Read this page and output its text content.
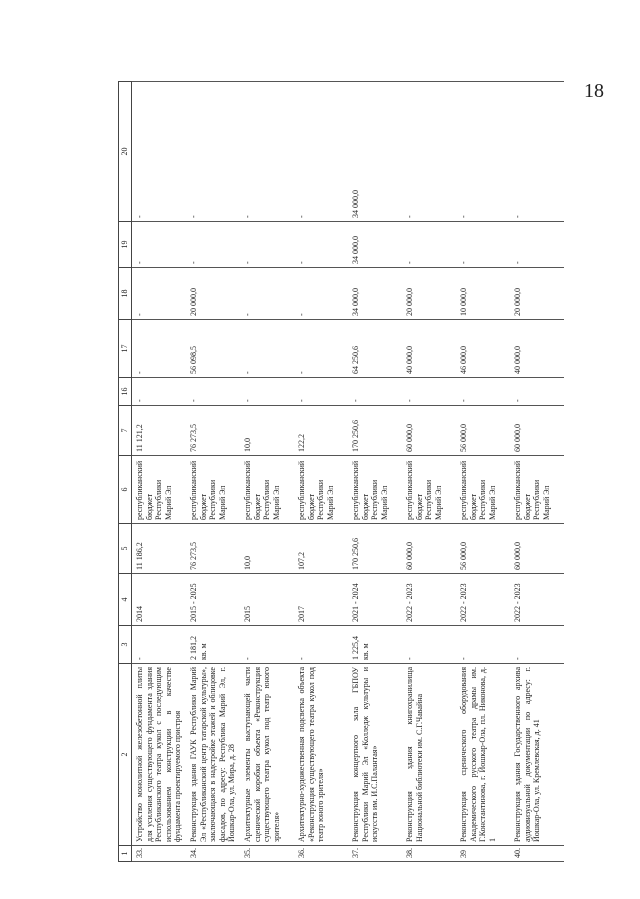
18
1	2	3	4	5	6	7	16	17	18	19	20
33.	Устройство монолитной железобетонной плиты для усиления существующего фундамента здания Республиканского театра кукол с последующим использованием конструкции в качестве фундамента проектируемого пристроя	-	2014	11 186,2	республиканский бюджет Республики Марий Эл	11 121,2	-	-	-	-	-
34.	Реконструкция здания ГАУК Республики Марий Эл «Республиканский центр татарской культуры», заключающаяся в надстройке этажей и облицовке фасадов, по адресу: Республика Марий Эл, г. Йошкар-Ола, ул. Мира, д. 28	2 181,2 кв. м	2015 - 2025	76 273,5	республиканский бюджет Республики Марий Эл	76 273,5	-	56 098,5	20 000,0	-	-
35.	Архитектурные элементы выступающей части сценической коробки объекта «Реконструкция существующего театра кукол под театр юного зрителя»	-	2015	10,0	республиканский бюджет Республики Марий Эл	10,0	-	-	-	-	-
36.	Архитектурно-художественная подсветка объекта «Реконструкция существующего театра кукол под театр юного зрителя»	-	2017	107,2	республиканский бюджет Республики Марий Эл	122,2	-	-	-	-	-
37.	Реконструкция концертного зала ГБПОУ Республики Марий Эл «Колледж культуры и искусств им. И.С.Палантая»	1 225,4 кв. м	2021 - 2024	170 250,6	республиканский бюджет Республики Марий Эл	170 250,6	-	64 250,6	34 000,0	34 000,0	34 000,0
38.	Реконструкция здания книгохранилища Национальной библиотеки им. С.Г.Чавайна	-	2022 - 2023	60 000,0	республиканский бюджет Республики Марий Эл	60 000,0	-	40 000,0	20 000,0	-	-
39	Реконструкция сценического оборудования Академического русского театра драмы им. Г.Константинова, г. Йошкар-Ола, пл. Никонова, д. 1	-	2022 - 2023	56 000,0	республиканский бюджет Республики Марий Эл	56 000,0	-	46 000,0	10 000,0	-	-
40.	Реконструкция здания Государственного архива аудиовизуальной документации по адресу: г. Йошкар-Ола, ул. Кремлевская, д. 41	-	2022 - 2023	60 000,0	республиканский бюджет Республики Марий Эл	60 000,0	-	40 000,0	20 000,0	-	-
